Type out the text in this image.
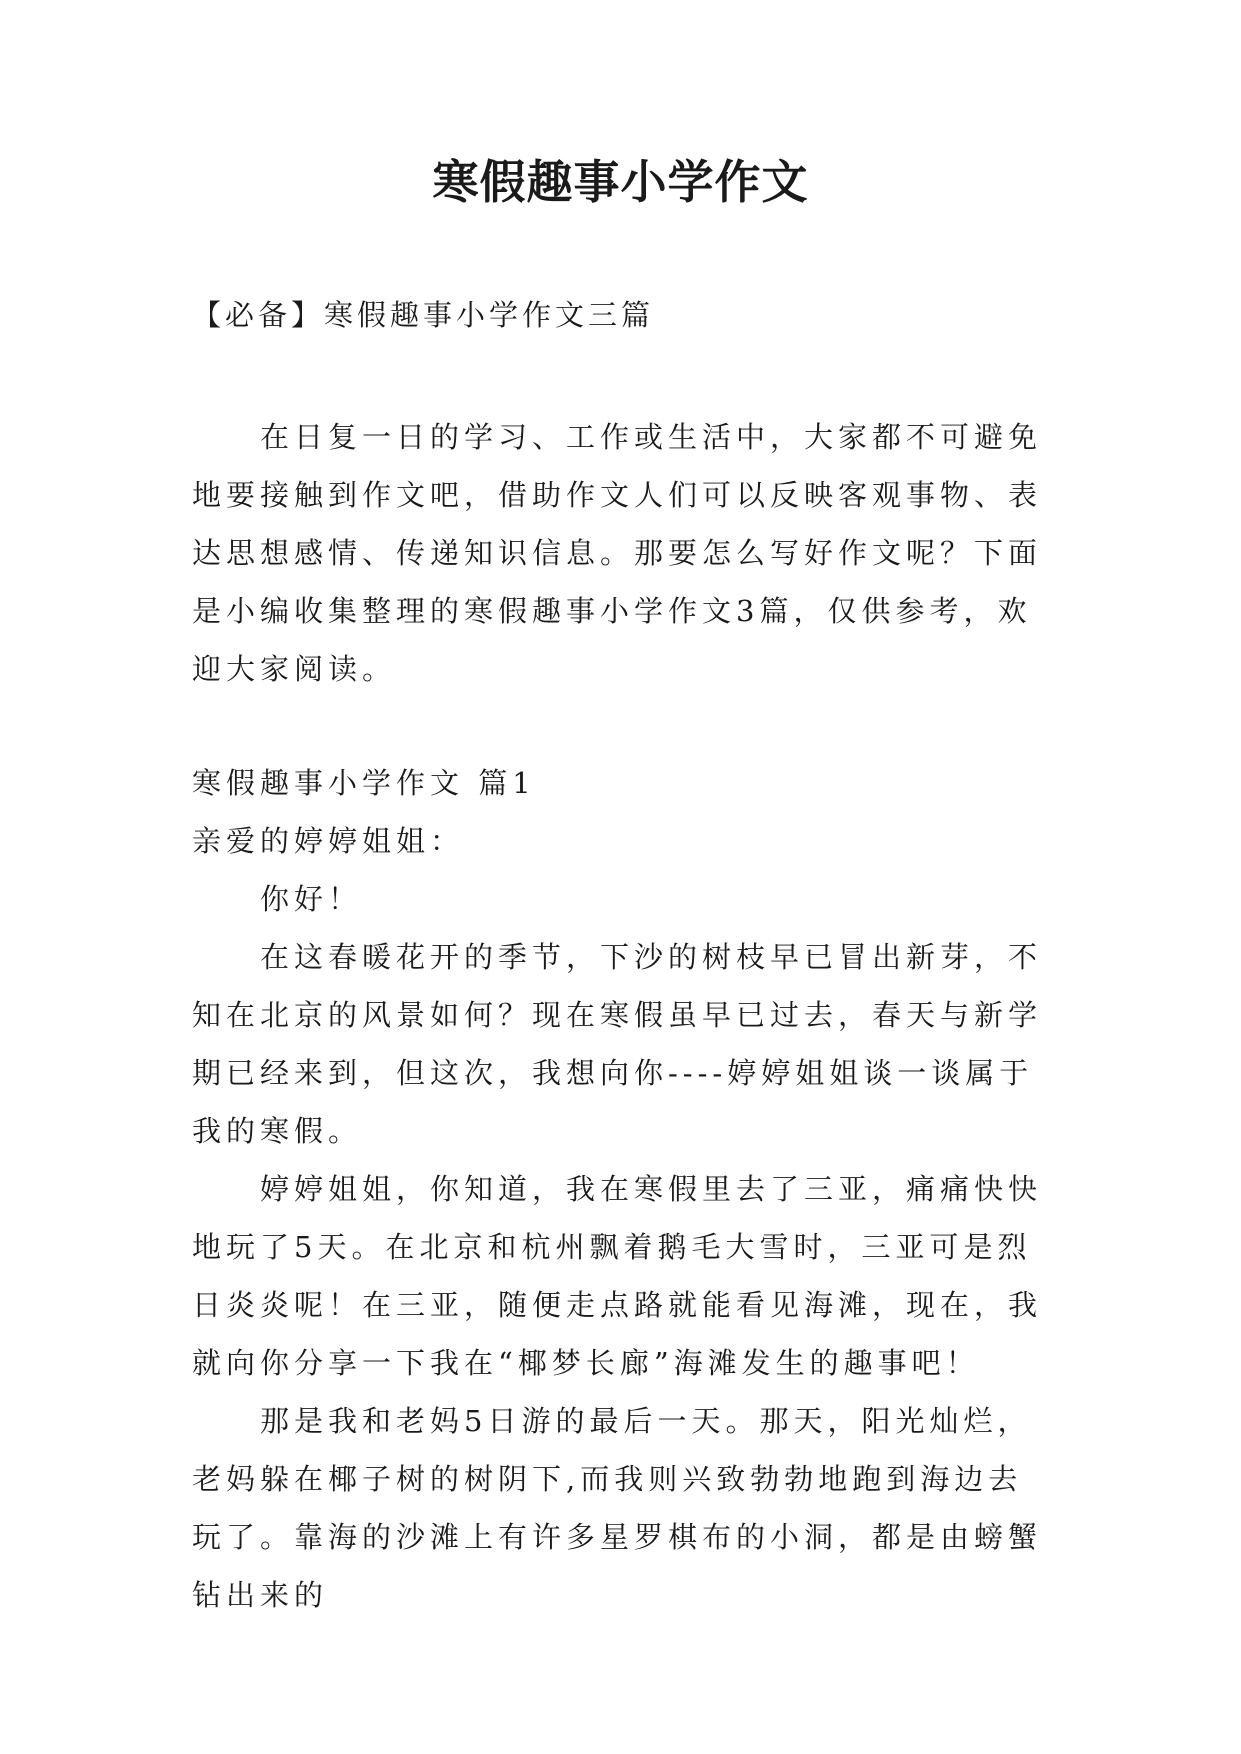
寒假趣事小学作文
【必备】寒假趣事小学作文三篇

在日复一日的学习、工作或生活中，大家都不可避免地要接触到作文吧，借助作文人们可以反映客观事物、表达思想感情、传递知识信息。那要怎么写好作文呢？下面是小编收集整理的寒假趣事小学作文3篇，仅供参考，欢迎大家阅读。

寒假趣事小学作文 篇1

亲爱的婷婷姐姐：

你好！

在这春暖花开的季节，下沙的树枝早已冒出新芽，不知在北京的风景如何？现在寒假虽早已过去，春天与新学期已经来到，但这次，我想向你----婷婷姐姐谈一谈属于我的寒假。

婷婷姐姐，你知道，我在寒假里去了三亚，痛痛快快地玩了5天。在北京和杭州飘着鹅毛大雪时，三亚可是烈日炎炎呢！在三亚，随便走点路就能看见海滩，现在，我就向你分享一下我在“椰梦长廊”海滩发生的趣事吧！

那是我和老妈5日游的最后一天。那天，阳光灿烂，老妈躲在椰子树的树阴下,而我则兴致勃勃地跑到海边去玩了。靠海的沙滩上有许多星罗棋布的小洞，都是由螃蟹钻出来的
